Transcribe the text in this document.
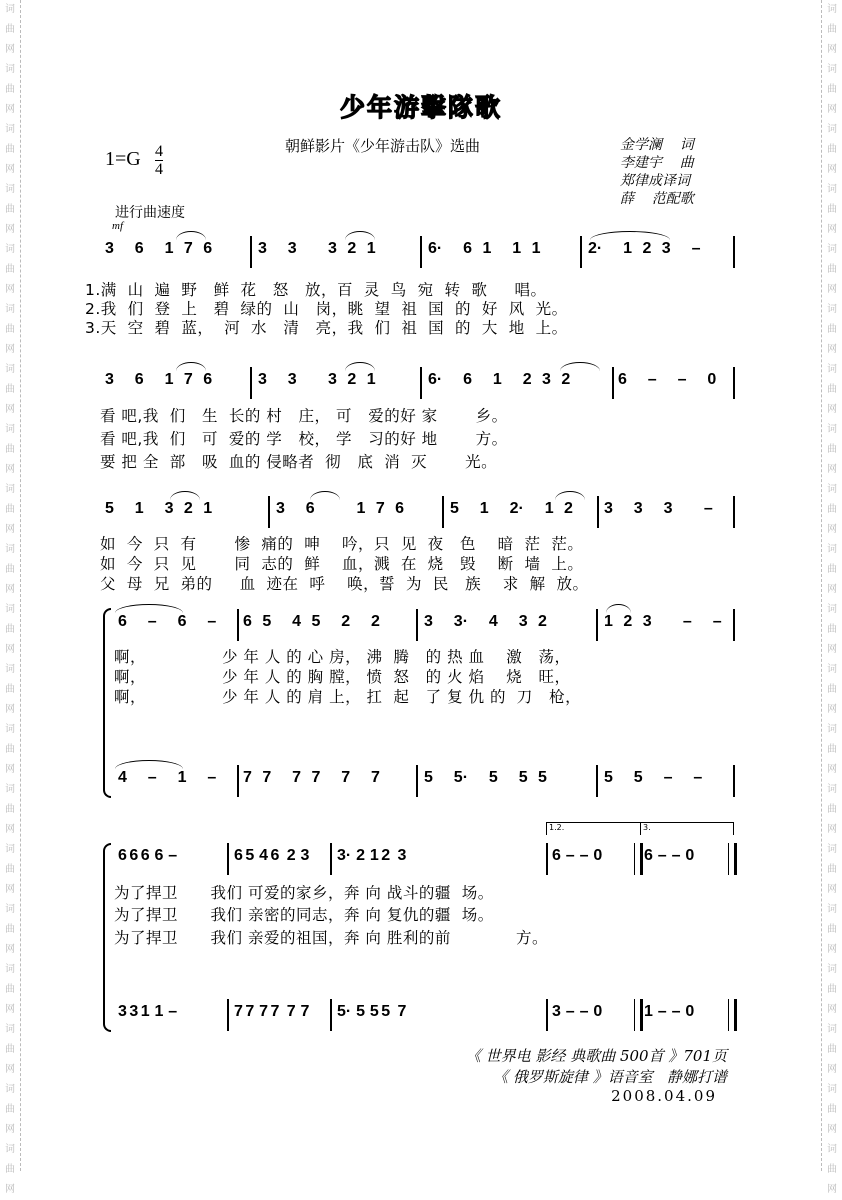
词
曲
网
词
曲
网
词
曲
网
词
曲
网
词
曲
网
词
曲
网
词
曲
网
词
曲
网
词
曲
网
词
曲
网
词
曲
网
词
曲
网
词
曲
网
词
曲
网
词
曲
网
词
曲
网
词
曲
网
词
曲
网
词
曲
网
词
曲
网
词
曲
网
词
曲
网
词
曲
网
词
曲
网
词
曲
网
词
曲
网
词
曲
网
词
曲
网
词
曲
网
词
曲
网
词
曲
网
词
曲
网
词
曲
网
词
曲
网
词
曲
网
词
曲
网
词
曲
网
词
曲
网
词
曲
网
词
曲
网
少年游擊隊歌
朝鲜影片《少年游击队》选曲
$1=G \frac{4}{4}$	金学澜    词
李建宇    曲
郑律成译词
薛    范配歌
进行曲速度
mf
3  6  1 7 6	3  3   3 2 1	6·  6 1  1 1	2·  1 2 3  –
1.满  山  遍  野   鲜  花   怒   放，百  灵  鸟  宛  转  歌     唱。
2.我  们  登  上   碧  绿的  山   岗，眺  望  祖  国  的  好  风  光。
3.天  空  碧  蓝，  河  水   清   亮，我  们  祖  国  的  大  地  上。
3  6  1 7 6	3  3   3 2 1	6·  6  1  2 3 2	6  –  –  0
看 吧,我  们   生  长的 村   庄， 可   爱的好 家       乡。
看 吧,我  们   可  爱的 学   校， 学   习的好 地       方。
要 把 全  部   吸  血的 侵略者  彻   底  消  灭       光。
5  1  3 2 1	3  6    1 7 6	5  1  2·  1 2 3  3  3   –
如  今  只  有       惨  痛的  呻    吟，只  见  夜   色    暗  茫  茫。
如  今  只  见       同  志的  鲜    血，溅  在  烧   毁    断  墙  上。
父  母  兄  弟的     血  迹在  呼    唤，誓  为  民   族    求  解  放。
6  –  6  – 6 5  4 5  2  2	3  3·  4  3 2	1 2 3   –  –
啊，              少 年 人 的 心 房， 沸  腾   的 热 血    激   荡，
啊，              少 年 人 的 胸 膛， 愤  怒   的 火 焰    烧   旺，
啊，              少 年 人 的 肩 上， 扛  起   了 复 仇 的  刀   枪，
4  –  1  – 7 7  7 7  7  7	5  5·  5  5 5	5  5  –  –
1.2.	3.
6 6 6  6  –	6 5  4 6   2  3 3·  2  1 2   3	6  –  –  0	6  –  –  0
为了捍卫      我们 可爱的家乡，奔 向 战斗的疆  场。
为了捍卫      我们 亲密的同志，奔 向 复仇的疆  场。
为了捍卫      我们 亲爱的祖国，奔 向 胜利的前            方。
3 3 1  1  –	7 7  7 7   7  7 5·  5  5 5   7	3  –  –  0	1  –  –  0
《 世界电 影经 典歌曲 500首 》701页
《 俄罗斯旋律 》语音室   静娜打谱
2008.04.09
